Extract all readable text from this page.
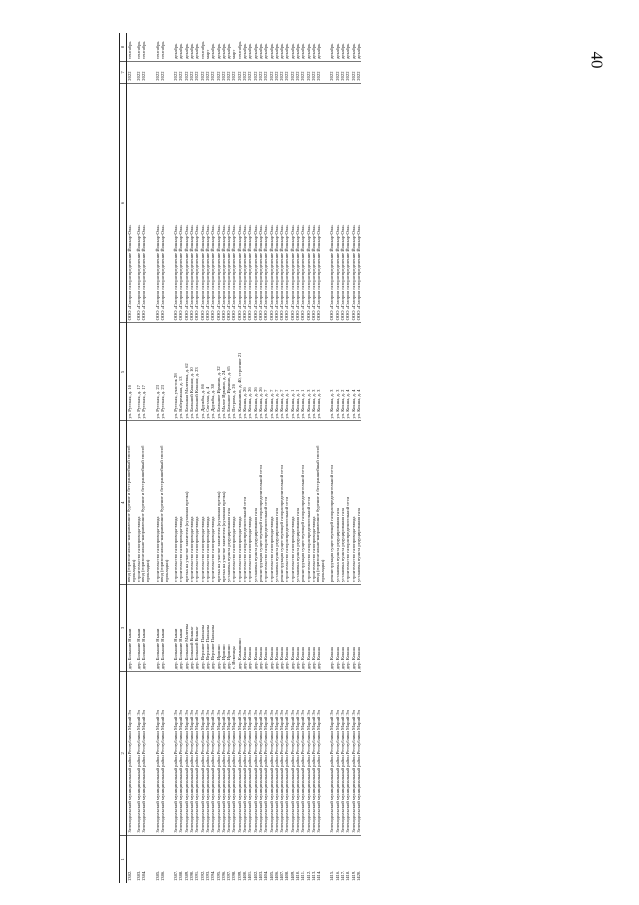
40
1	2	3	4	5	6	7	8
1382.	Зеленодольский муниципальный район Республики Марий Эл	дер. Большие Ныкаи	ввод (горизонтально-направленное бурение и бестраншейный способ прокладки)	ул. Русская, д. 16	ООО «Газпром газораспределение Йошкар-Ола»	2022	сентябрь
1383.	Зеленодольский муниципальный район Республики Марий Эл	дер. Большие Ныкаи	строительство газопровода-ввода	ул. Русская, д. 17	ООО «Газпром газораспределение Йошкар-Ола»	2022	сентябрь
1384.	Зеленодольский муниципальный район Республики Марий Эл	дер. Большие Ныкаи	ввод (горизонтально-направленное бурение и бестраншейный способ прокладки)	ул. Русская, д. 17	ООО «Газпром газораспределение Йошкар-Ола»	2022	сентябрь

1385.	Зеленодольский муниципальный район Республики Марий Эл	дер. Большие Ныкаи	строительство газопровода-ввода	ул. Русская, д. 23	ООО «Газпром газораспределение Йошкар-Ола»	2022	сентябрь
1386.	Зеленодольский муниципальный район Республики Марий Эл	дер. Большие Ныкаи	ввод (горизонтально-направленное бурение и бестраншейный способ прокладки)	ул. Русская, д. 23	ООО «Газпром газораспределение Йошкар-Ола»	2022	сентябрь

1387.	Зеленодольский муниципальный район Республики Марий Эл	дер. Большие Ныкаи	строительство газопровода-ввода	ул. Русская, участок 28	ООО «Газпром газораспределение Йошкар-Ола»	2022	декабрь
1388.	Зеленодольский муниципальный район Республики Марий Эл	дер. Большие Ныкаи	строительство газопровода-ввода	ул. Набережная, д. 13	ООО «Газпром газораспределение Йошкар-Ола»	2022	декабрь
1389.	Зеленодольский муниципальный район Республики Марий Эл	дер. Большие Малеевы	врезка на участке заявителя (кухонная врезка)	ул. Большая Малеевка, д. 62	ООО «Газпром газораспределение Йошкар-Ола»	2022	декабрь
1390.	Зеленодольский муниципальный район Республики Марий Эл	дер. Большой Кокшаг	строительство газопровода-ввода	ул. Большой Кокшаг, д. 10	ООО «Газпром газораспределение Йошкар-Ола»	2022	декабрь
1391.	Зеленодольский муниципальный район Республики Марий Эл	дер. Большой Кокшаг	строительство газопровода-ввода	ул. Большой Кокшаг, д. 23	ООО «Газпром газораспределение Йошкар-Ола»	2022	декабрь
1392.	Зеленодольский муниципальный район Республики Марий Эл	дер. Верхние Пальялы	строительство газопровода-ввода	ул. Дружбы, д. 8б	ООО «Газпром газораспределение Йошкар-Ола»	2022	сентябрь
1393.	Зеленодольский муниципальный район Республики Марий Эл	дер. Верхние Пальялы	строительство газопровода-ввода	ул. Светлая, д. 4	ООО «Газпром газораспределение Йошкар-Ола»	2022	март
1394.	Зеленодольский муниципальный район Республики Марий Эл	дер. Верхние Пальялы	строительство газопровода-ввода	ул. Дружбы, д. 38	ООО «Газпром газораспределение Йошкар-Ола»	2022	декабрь
1395.	Зеленодольский муниципальный район Республики Марий Эл	дер. Ирмино	врезка на участке заявителя (кухонная врезка)	ул. Большое Ирмино, д. 32	ООО «Газпром газораспределение Йошкар-Ола»	2022	декабрь
1396.	Зеленодольский муниципальный район Республики Марий Эл	дер. Ирмино	врезка на участке заявителя (кухонная врезка)	ул. Малое Ирмино, д. 24	ООО «Газпром газораспределение Йошкар-Ола»	2022	декабрь
1397.	Зеленодольский муниципальный район Республики Марий Эл	дер. Ирмино	установка пункта редуцирования газа	ул. Большое Ирмино, д. 65	ООО «Газпром газораспределение Йошкар-Ола»	2022	декабрь
1398.	Зеленодольский муниципальный район Республики Марий Эл	с. Исменцы	строительство газопровода-ввода	ул. Петрова, д. 26	ООО «Газпром газораспределение Йошкар-Ола»	2022	март
1399.	Зеленодольский муниципальный район Республики Марий Эл	дер. Камышино	строительство газопровода-ввода	ул. Камышино, д. 40, строение 21	ООО «Газпром газораспределение Йошкар-Ола»	2022	сентябрь
1400.	Зеленодольский муниципальный район Республики Марий Эл	дер. Кокша	строительство газораспределительной сети	ул. Кокша, д. 26	ООО «Газпром газораспределение Йошкар-Ола»	2022	декабрь
1401.	Зеленодольский муниципальный район Республики Марий Эл	дер. Кокша	строительство газопровода-ввода	ул. Кокша, д. 26	ООО «Газпром газораспределение Йошкар-Ола»	2022	декабрь
1402.	Зеленодольский муниципальный район Республики Марий Эл	дер. Кокша	установка пункта редуцирования газа	ул. Кокша, д. 26	ООО «Газпром газораспределение Йошкар-Ола»	2022	декабрь
1403.	Зеленодольский муниципальный район Республики Марий Эл	дер. Кокша	реконструкция существующей газораспределительной сети	ул. Кокша, д. 26	ООО «Газпром газораспределение Йошкар-Ола»	2022	декабрь
1404.	Зеленодольский муниципальный район Республики Марий Эл	дер. Кокша	строительство газораспределительной сети	ул. Кокша, д. 7	ООО «Газпром газораспределение Йошкар-Ола»	2022	декабрь
1405.	Зеленодольский муниципальный район Республики Марий Эл	дер. Кокша	строительство газопровода-ввода	ул. Кокша, д. 7	ООО «Газпром газораспределение Йошкар-Ола»	2022	декабрь
1406.	Зеленодольский муниципальный район Республики Марий Эл	дер. Кокша	установка пункта редуцирования газа	ул. Кокша, д. 7	ООО «Газпром газораспределение Йошкар-Ола»	2022	декабрь
1407.	Зеленодольский муниципальный район Республики Марий Эл	дер. Кокша	реконструкция существующей газораспределительной сети	ул. Кокша, д. 7	ООО «Газпром газораспределение Йошкар-Ола»	2022	декабрь
1408.	Зеленодольский муниципальный район Республики Марий Эл	дер. Кокша	строительство газораспределительной сети	ул. Кокша, д. 1	ООО «Газпром газораспределение Йошкар-Ола»	2022	декабрь
1409.	Зеленодольский муниципальный район Республики Марий Эл	дер. Кокша	строительство газопровода-ввода	ул. Кокша, д. 1	ООО «Газпром газораспределение Йошкар-Ола»	2022	декабрь
1410.	Зеленодольский муниципальный район Республики Марий Эл	дер. Кокша	установка пункта редуцирования газа	ул. Кокша, д. 1	ООО «Газпром газораспределение Йошкар-Ола»	2022	декабрь
1411.	Зеленодольский муниципальный район Республики Марий Эл	дер. Кокша	реконструкция существующей газораспределительной сети	ул. Кокша, д. 1	ООО «Газпром газораспределение Йошкар-Ола»	2022	декабрь
1412.	Зеленодольский муниципальный район Республики Марий Эл	дер. Кокша	строительство газораспределительной сети	ул. Кокша, д. 3	ООО «Газпром газораспределение Йошкар-Ола»	2022	декабрь
1413.	Зеленодольский муниципальный район Республики Марий Эл	дер. Кокша	строительство газопровода-ввода	ул. Кокша, д. 3	ООО «Газпром газораспределение Йошкар-Ола»	2022	декабрь
1414.	Зеленодольский муниципальный район Республики Марий Эл	дер. Кокша	ввод (горизонтально-направленное бурение и бестраншейный способ прокладки)	ул. Кокша, д. 3	ООО «Газпром газораспределение Йошкар-Ола»	2022	декабрь

1415.	Зеленодольский муниципальный район Республики Марий Эл	дер. Кокша	реконструкция существующей газораспределительной сети	ул. Кокша, д. 3	ООО «Газпром газораспределение Йошкар-Ола»	2022	декабрь
1416.	Зеленодольский муниципальный район Республики Марий Эл	дер. Кокша	установка пункта редуцирования газа	ул. Кокша, д. 3	ООО «Газпром газораспределение Йошкар-Ола»	2022	декабрь
1417.	Зеленодольский муниципальный район Республики Марий Эл	дер. Кокша	установка пункта редуцирования газа	ул. Кокша, д. 2	ООО «Газпром газораспределение Йошкар-Ола»	2022	декабрь
1418.	Зеленодольский муниципальный район Республики Марий Эл	дер. Кокша	строительство газораспределительной сети	ул. Кокша, д. 4	ООО «Газпром газораспределение Йошкар-Ола»	2022	декабрь
1419.	Зеленодольский муниципальный район Республики Марий Эл	дер. Кокша	строительство газопровода-ввода	ул. Кокша, д. 4	ООО «Газпром газораспределение Йошкар-Ола»	2022	декабрь
1420.	Зеленодольский муниципальный район Республики Марий Эл	дер. Кокша	установка пункта редуцирования газа	ул. Кокша, д. 4	ООО «Газпром газораспределение Йошкар-Ола»	2022	декабрь
